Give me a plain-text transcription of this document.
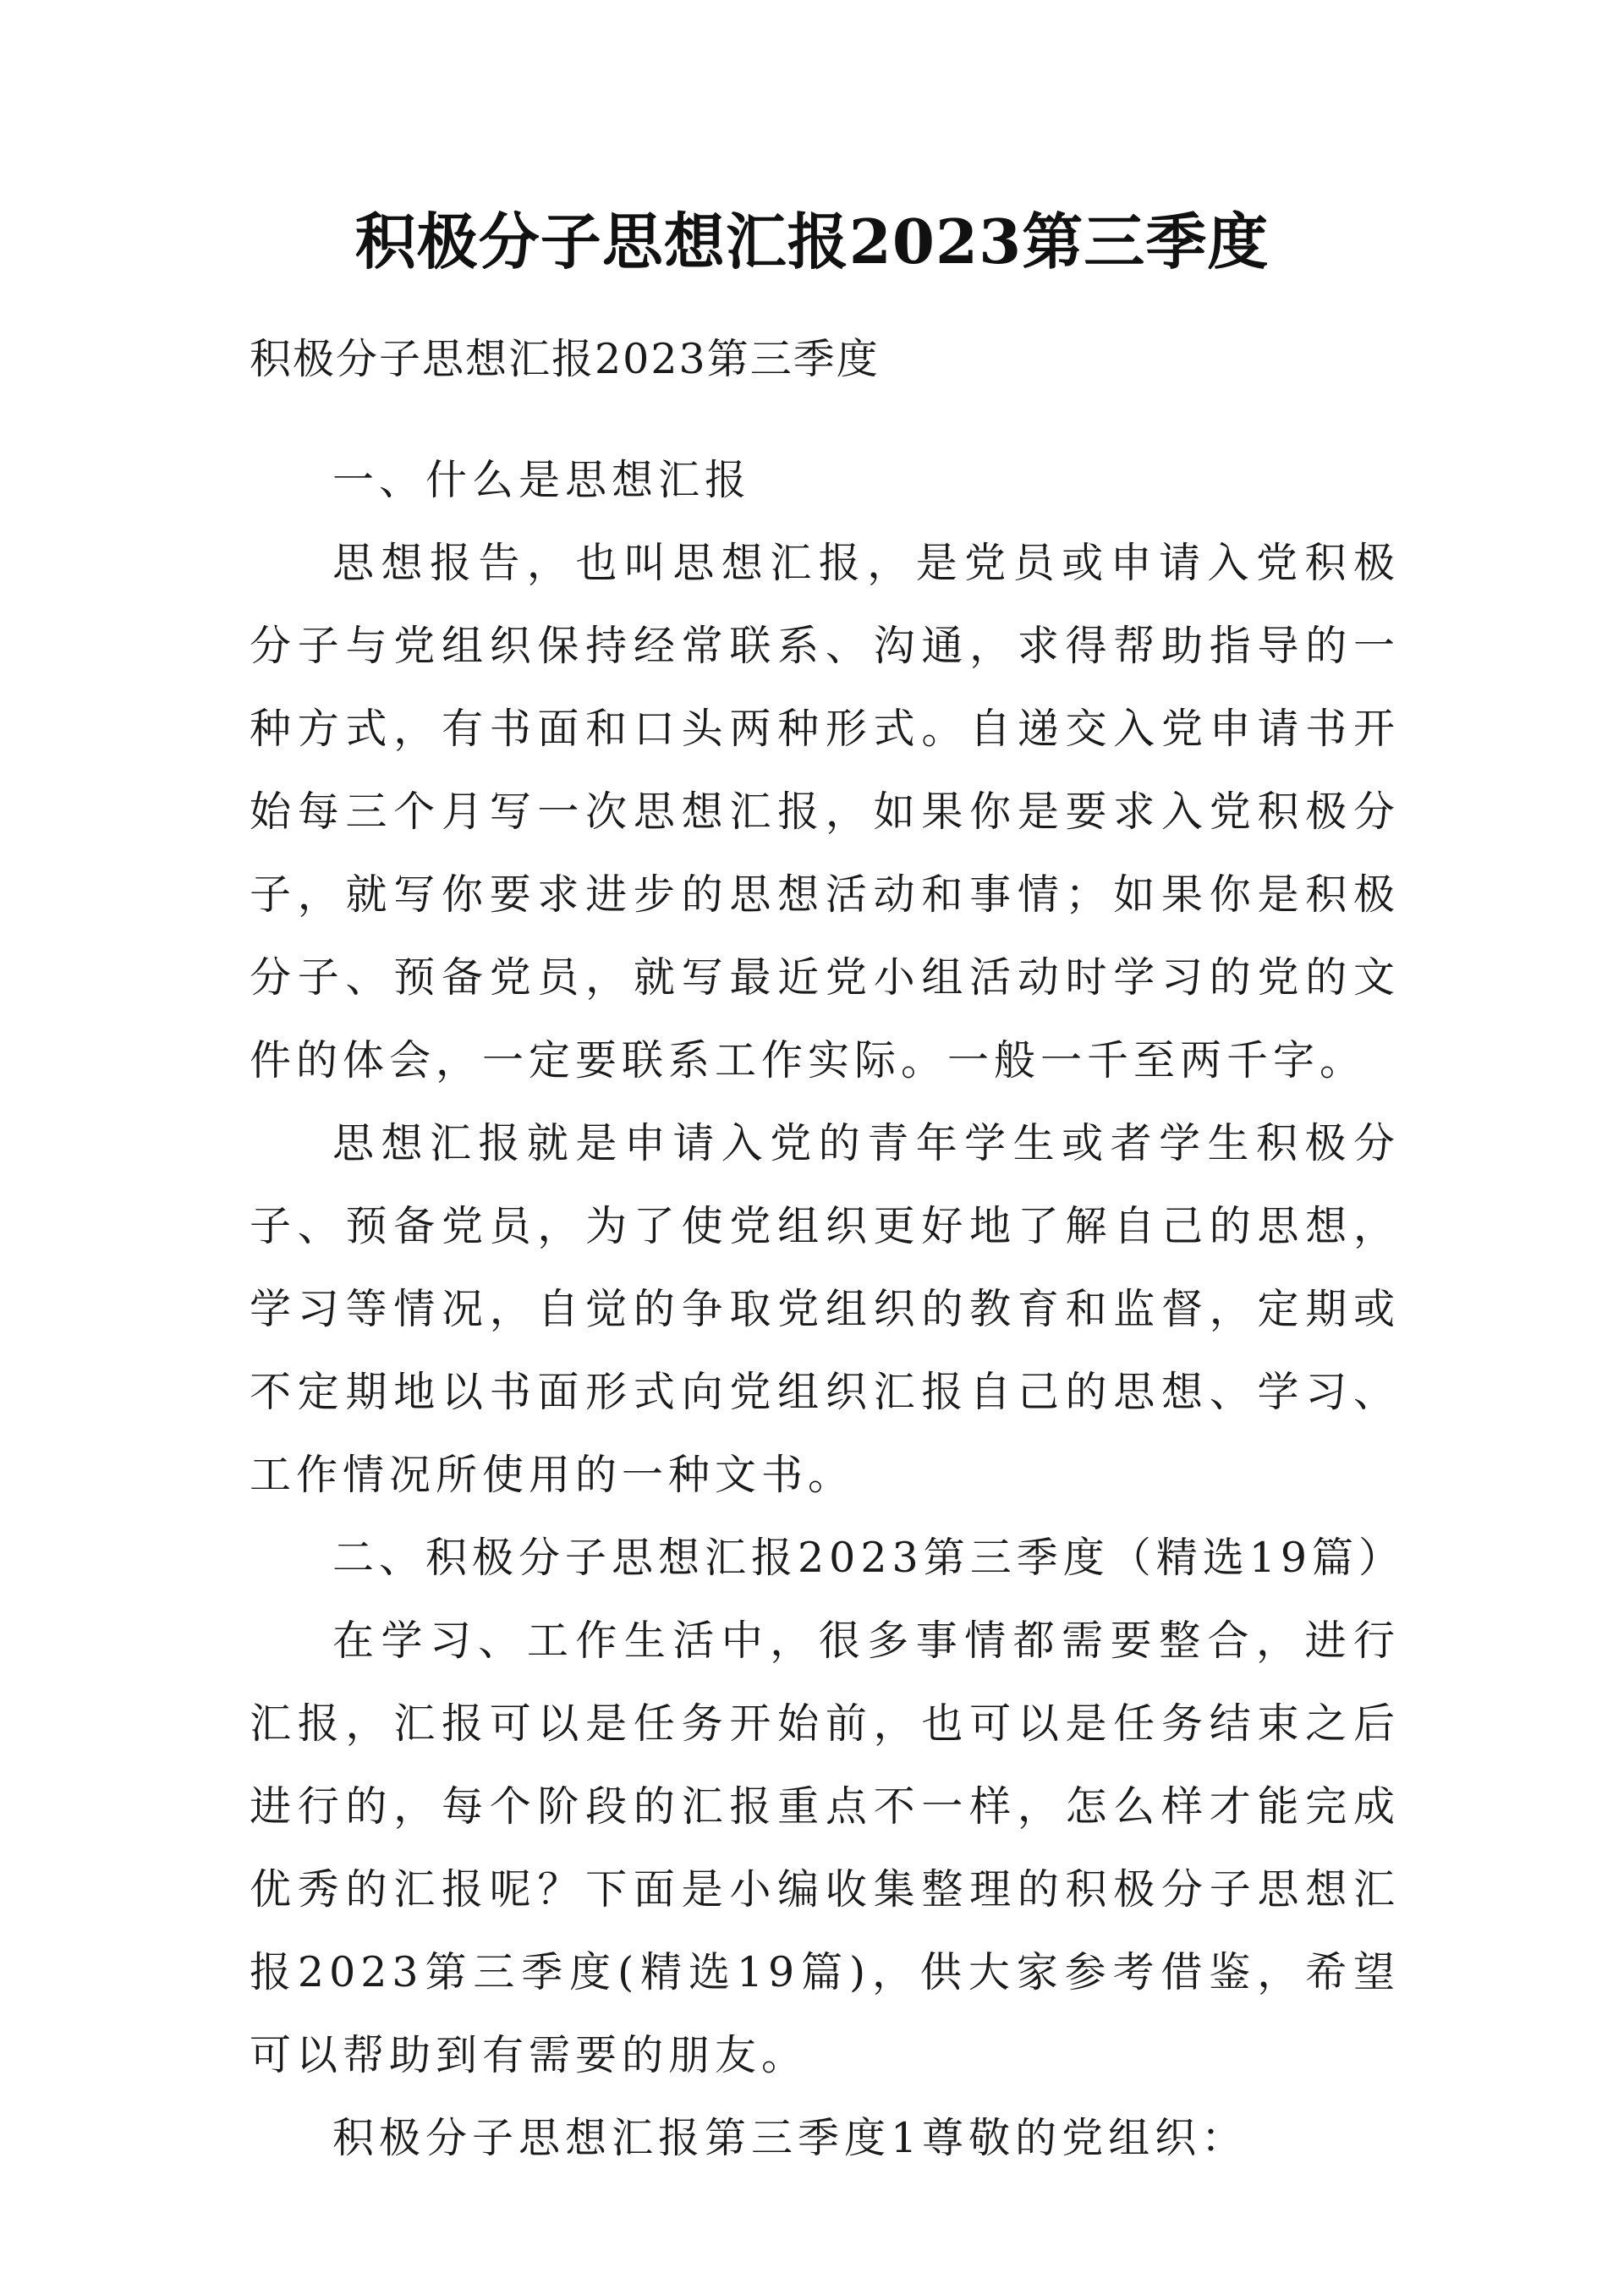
积极分子思想汇报2023第三季度
积极分子思想汇报2023第三季度

一、什么是思想汇报

思想报告，也叫思想汇报，是党员或申请入党积极分子与党组织保持经常联系、沟通，求得帮助指导的一种方式，有书面和口头两种形式。自递交入党申请书开始每三个月写一次思想汇报，如果你是要求入党积极分子，就写你要求进步的思想活动和事情；如果你是积极分子、预备党员，就写最近党小组活动时学习的党的文件的体会，一定要联系工作实际。一般一千至两千字。

思想汇报就是申请入党的青年学生或者学生积极分子、预备党员，为了使党组织更好地了解自己的思想，学习等情况，自觉的争取党组织的教育和监督，定期或不定期地以书面形式向党组织汇报自己的思想、学习、工作情况所使用的一种文书。

二、积极分子思想汇报2023第三季度（精选19篇）

在学习、工作生活中，很多事情都需要整合，进行汇报，汇报可以是任务开始前，也可以是任务结束之后进行的，每个阶段的汇报重点不一样，怎么样才能完成优秀的汇报呢？下面是小编收集整理的积极分子思想汇报2023第三季度(精选19篇)，供大家参考借鉴，希望可以帮助到有需要的朋友。

积极分子思想汇报第三季度1尊敬的党组织：
